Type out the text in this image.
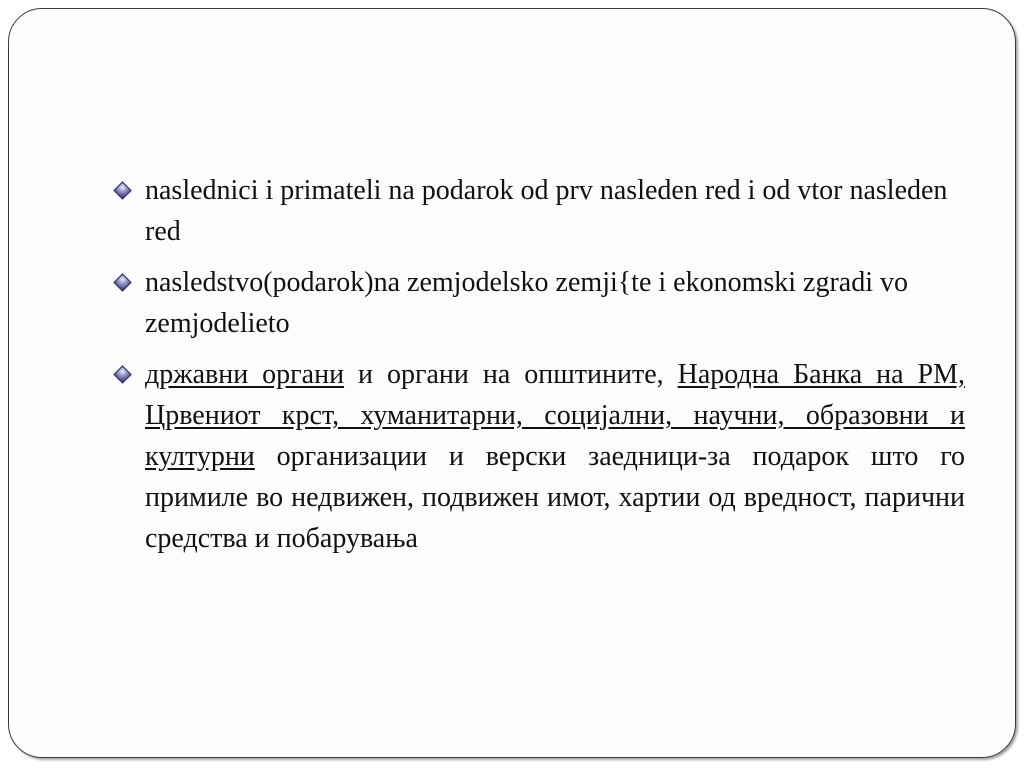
naslednici i primateli na podarok od prv nasleden red i od vtor nasleden red
nasledstvo(podarok)na zemjodelsko zemji{te i ekonomski zgradi vo zemjodelieto
државни органи и органи на општините, Народна Банка на РМ, Црвениот крст, хуманитарни, социјални, научни, образовни и културни организации и верски заедници-за подарок што го примиле во недвижен, подвижен имот, хартии од вредност, парични средства и побарувања
